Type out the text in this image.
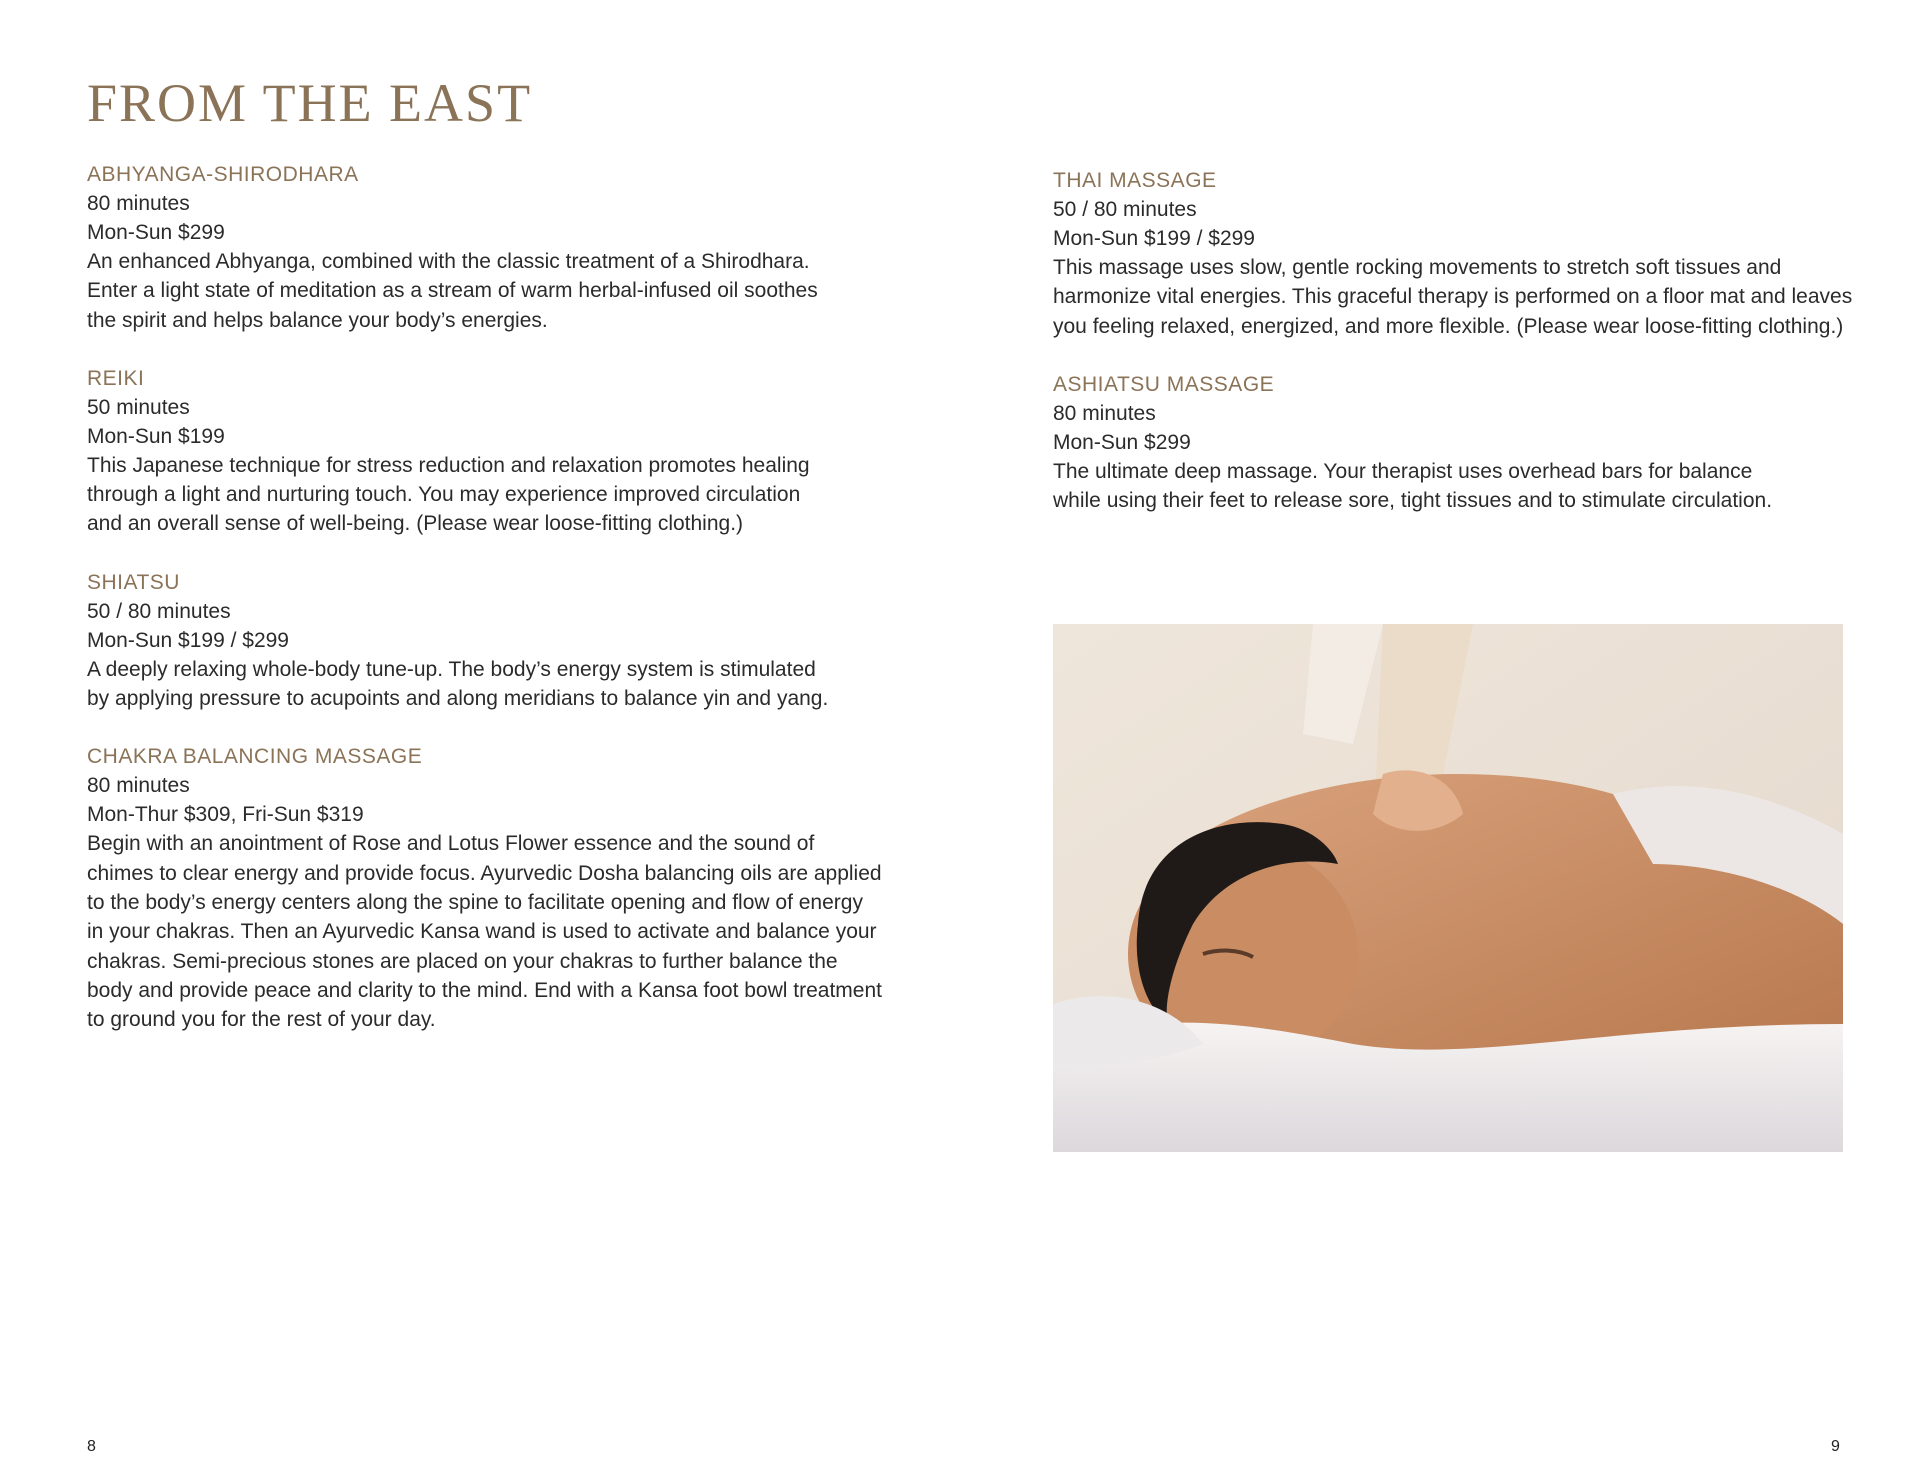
FROM THE EAST
ABHYANGA-SHIRODHARA
80 minutes
Mon-Sun $299
An enhanced Abhyanga, combined with the classic treatment of a Shirodhara. Enter a light state of meditation as a stream of warm herbal-infused oil soothes the spirit and helps balance your body’s energies.
REIKI
50 minutes
Mon-Sun $199
This Japanese technique for stress reduction and relaxation promotes healing through a light and nurturing touch. You may experience improved circulation and an overall sense of well-being. (Please wear loose-fitting clothing.)
SHIATSU
50 / 80 minutes
Mon-Sun $199 / $299
A deeply relaxing whole-body tune-up. The body’s energy system is stimulated by applying pressure to acupoints and along meridians to balance yin and yang.
CHAKRA BALANCING MASSAGE
80 minutes
Mon-Thur $309, Fri-Sun $319
Begin with an anointment of Rose and Lotus Flower essence and the sound of chimes to clear energy and provide focus. Ayurvedic Dosha balancing oils are applied to the body’s energy centers along the spine to facilitate opening and flow of energy in your chakras. Then an Ayurvedic Kansa wand is used to activate and balance your chakras. Semi-precious stones are placed on your chakras to further balance the body and provide peace and clarity to the mind. End with a Kansa foot bowl treatment to ground you for the rest of your day.
THAI MASSAGE
50 / 80 minutes
Mon-Sun $199 / $299
This massage uses slow, gentle rocking movements to stretch soft tissues and harmonize vital energies. This graceful therapy is performed on a floor mat and leaves you feeling relaxed, energized, and more flexible. (Please wear loose-fitting clothing.)
ASHIATSU MASSAGE
80 minutes
Mon-Sun $299
The ultimate deep massage. Your therapist uses overhead bars for balance while using their feet to release sore, tight tissues and to stimulate circulation.
8	9
